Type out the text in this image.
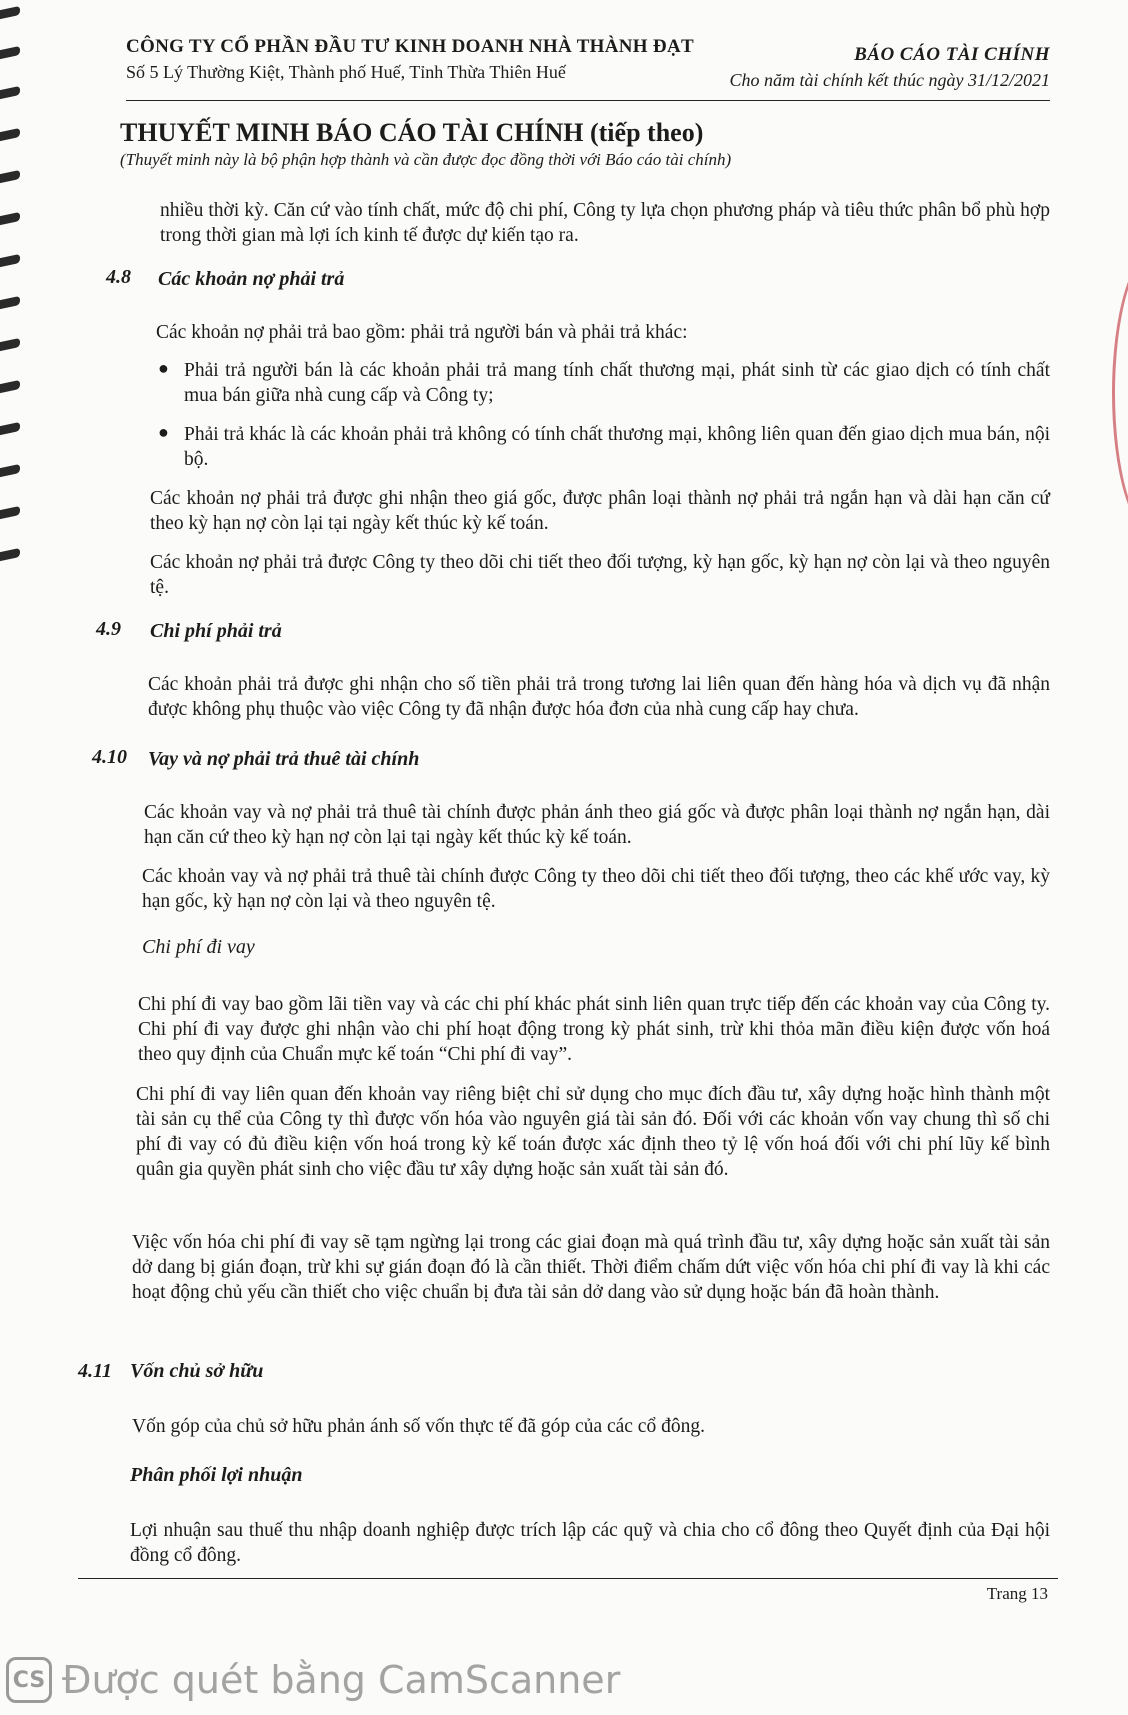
CÔNG TY CỔ PHẦN ĐẦU TƯ KINH DOANH NHÀ THÀNH ĐẠT
Số 5 Lý Thường Kiệt, Thành phố Huế, Tỉnh Thừa Thiên Huế
BÁO CÁO TÀI CHÍNH
Cho năm tài chính kết thúc ngày 31/12/2021
THUYẾT MINH BÁO CÁO TÀI CHÍNH (tiếp theo)
(Thuyết minh này là bộ phận hợp thành và cần được đọc đồng thời với Báo cáo tài chính)

nhiều thời kỳ. Căn cứ vào tính chất, mức độ chi phí, Công ty lựa chọn phương pháp và tiêu thức phân bổ phù hợp trong thời gian mà lợi ích kinh tế được dự kiến tạo ra.

4.8 Các khoản nợ phải trả

Các khoản nợ phải trả bao gồm: phải trả người bán và phải trả khác:

● Phải trả người bán là các khoản phải trả mang tính chất thương mại, phát sinh từ các giao dịch có tính chất mua bán giữa nhà cung cấp và Công ty;

● Phải trả khác là các khoản phải trả không có tính chất thương mại, không liên quan đến giao dịch mua bán, nội bộ.

Các khoản nợ phải trả được ghi nhận theo giá gốc, được phân loại thành nợ phải trả ngắn hạn và dài hạn căn cứ theo kỳ hạn nợ còn lại tại ngày kết thúc kỳ kế toán.

Các khoản nợ phải trả được Công ty theo dõi chi tiết theo đối tượng, kỳ hạn gốc, kỳ hạn nợ còn lại và theo nguyên tệ.

4.9 Chi phí phải trả

Các khoản phải trả được ghi nhận cho số tiền phải trả trong tương lai liên quan đến hàng hóa và dịch vụ đã nhận được không phụ thuộc vào việc Công ty đã nhận được hóa đơn của nhà cung cấp hay chưa.

4.10 Vay và nợ phải trả thuê tài chính

Các khoản vay và nợ phải trả thuê tài chính được phản ánh theo giá gốc và được phân loại thành nợ ngắn hạn, dài hạn căn cứ theo kỳ hạn nợ còn lại tại ngày kết thúc kỳ kế toán.

Các khoản vay và nợ phải trả thuê tài chính được Công ty theo dõi chi tiết theo đối tượng, theo các khế ước vay, kỳ hạn gốc, kỳ hạn nợ còn lại và theo nguyên tệ.

Chi phí đi vay

Chi phí đi vay bao gồm lãi tiền vay và các chi phí khác phát sinh liên quan trực tiếp đến các khoản vay của Công ty. Chi phí đi vay được ghi nhận vào chi phí hoạt động trong kỳ phát sinh, trừ khi thỏa mãn điều kiện được vốn hoá theo quy định của Chuẩn mực kế toán “Chi phí đi vay”.

Chi phí đi vay liên quan đến khoản vay riêng biệt chỉ sử dụng cho mục đích đầu tư, xây dựng hoặc hình thành một tài sản cụ thể của Công ty thì được vốn hóa vào nguyên giá tài sản đó. Đối với các khoản vốn vay chung thì số chi phí đi vay có đủ điều kiện vốn hoá trong kỳ kế toán được xác định theo tỷ lệ vốn hoá đối với chi phí lũy kế bình quân gia quyền phát sinh cho việc đầu tư xây dựng hoặc sản xuất tài sản đó.

Việc vốn hóa chi phí đi vay sẽ tạm ngừng lại trong các giai đoạn mà quá trình đầu tư, xây dựng hoặc sản xuất tài sản dở dang bị gián đoạn, trừ khi sự gián đoạn đó là cần thiết. Thời điểm chấm dứt việc vốn hóa chi phí đi vay là khi các hoạt động chủ yếu cần thiết cho việc chuẩn bị đưa tài sản dở dang vào sử dụng hoặc bán đã hoàn thành.

4.11 Vốn chủ sở hữu

Vốn góp của chủ sở hữu phản ánh số vốn thực tế đã góp của các cổ đông.

Phân phối lợi nhuận

Lợi nhuận sau thuế thu nhập doanh nghiệp được trích lập các quỹ và chia cho cổ đông theo Quyết định của Đại hội đồng cổ đông.

Trang 13
CS Được quét bằng CamScanner
